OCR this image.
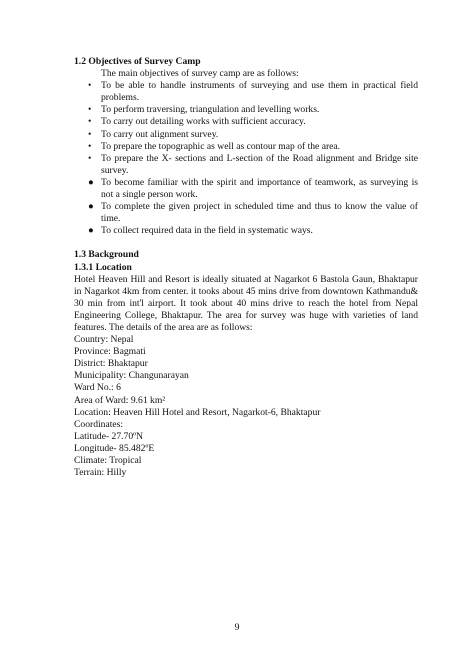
1.2 Objectives of Survey Camp

The main objectives of survey camp are as follows:

• To be able to handle instruments of surveying and use them in practical field problems.
• To perform traversing, triangulation and levelling works.
• To carry out detailing works with sufficient accuracy.
• To carry out alignment survey.
• To prepare the topographic as well as contour map of the area.
• To prepare the X- sections and L-section of the Road alignment and Bridge site survey.
● To become familiar with the spirit and importance of teamwork, as surveying is not a single person work.
● To complete the given project in scheduled time and thus to know the value of time.
● To collect required data in the field in systematic ways.
1.3 Background
1.3.1 Location

Hotel Heaven Hill and Resort is ideally situated at Nagarkot 6 Bastola Gaun, Bhaktapur in Nagarkot 4km from center. it tooks about 45 mins drive from downtown Kathmandu& 30 min from int'l airport. It took about 40 mins drive to reach the hotel from Nepal Engineering College, Bhaktapur. The area for survey was huge with varieties of land features. The details of the area are as follows:

Country: Nepal

Province: Bagmati

District: Bhaktapur

Municipality: Changunarayan

Ward No.: 6

Area of Ward: 9.61 km²

Location: Heaven Hill Hotel and Resort, Nagarkot-6, Bhaktapur

Coordinates:

Latitude- 27.70ºN

Longitude- 85.482ºE

Climate: Tropical

Terrain: Hilly

9
